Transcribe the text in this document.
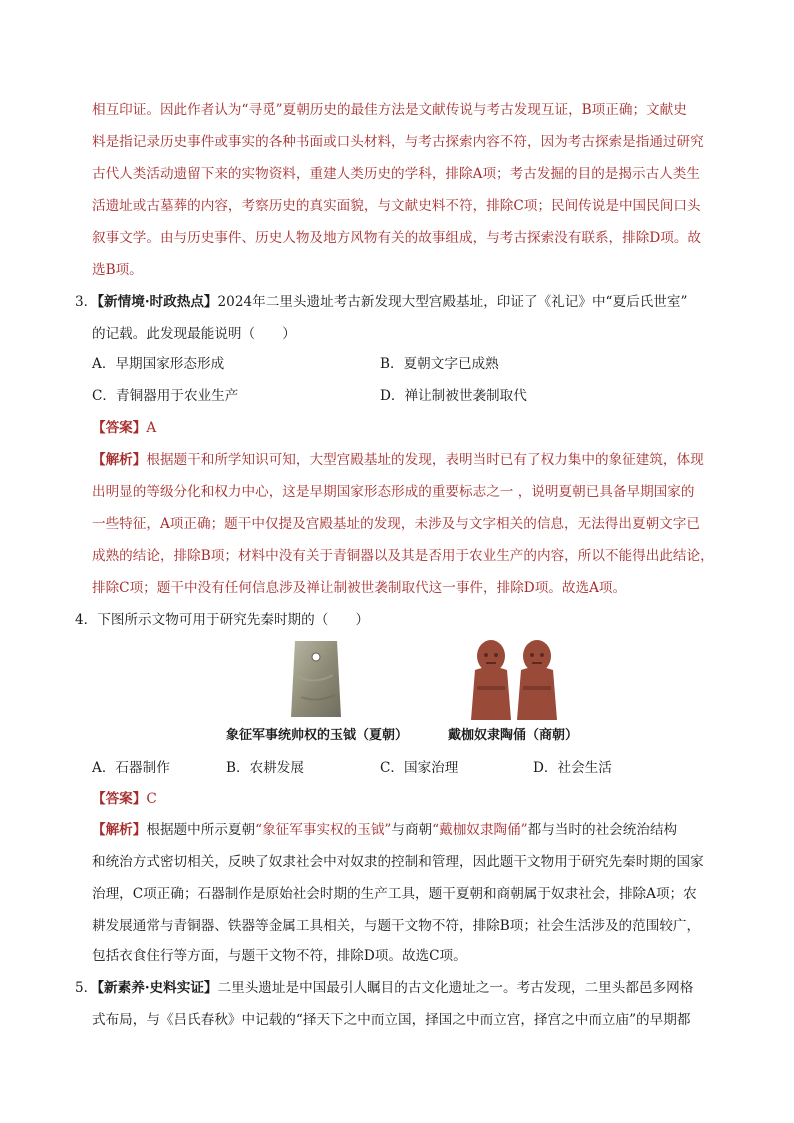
相互印证。因此作者认为“寻觅”夏朝历史的最佳方法是文献传说与考古发现互证，B项正确；文献史
料是指记录历史事件或事实的各种书面或口头材料，与考古探索内容不符，因为考古探索是指通过研究
古代人类活动遗留下来的实物资料，重建人类历史的学科，排除A项；考古发掘的目的是揭示古人类生
活遗址或古墓葬的内容，考察历史的真实面貌，与文献史料不符，排除C项；民间传说是中国民间口头
叙事文学。由与历史事件、历史人物及地方风物有关的故事组成，与考古探索没有联系，排除D项。故
选B项。
3．【新情境·时政热点】2024年二里头遗址考古新发现大型宫殿基址，印证了《礼记》中“夏后氏世室”
的记载。此发现最能说明（　　）
A．早期国家形态形成	B．夏朝文字已成熟
C．青铜器用于农业生产	D．禅让制被世袭制取代
【答案】A
【解析】根据题干和所学知识可知，大型宫殿基址的发现，表明当时已有了权力集中的象征建筑，体现
出明显的等级分化和权力中心，这是早期国家形态形成的重要标志之一 ，说明夏朝已具备早期国家的
一些特征，A项正确；题干中仅提及宫殿基址的发现，未涉及与文字相关的信息，无法得出夏朝文字已
成熟的结论，排除B项；材料中没有关于青铜器以及其是否用于农业生产的内容，所以不能得出此结论，
排除C项；题干中没有任何信息涉及禅让制被世袭制取代这一事件，排除D项。故选A项。
4．下图所示文物可用于研究先秦时期的（　　）
象征军事统帅权的玉钺（夏朝）	戴枷奴隶陶俑（商朝）
A．石器制作	B．农耕发展	C．国家治理	D．社会生活
【答案】C
【解析】根据题中所示夏朝“象征军事实权的玉钺”与商朝“戴枷奴隶陶俑”都与当时的社会统治结构
和统治方式密切相关，反映了奴隶社会中对奴隶的控制和管理，因此题干文物用于研究先秦时期的国家
治理，C项正确；石器制作是原始社会时期的生产工具，题干夏朝和商朝属于奴隶社会，排除A项；农
耕发展通常与青铜器、铁器等金属工具相关，与题干文物不符，排除B项；社会生活涉及的范围较广，
包括衣食住行等方面，与题干文物不符，排除D项。故选C项。
5．【新素养·史料实证】二里头遗址是中国最引人瞩目的古文化遗址之一。考古发现，二里头都邑多网格
式布局，与《吕氏春秋》中记载的“择天下之中而立国，择国之中而立宫，择宫之中而立庙”的早期都
